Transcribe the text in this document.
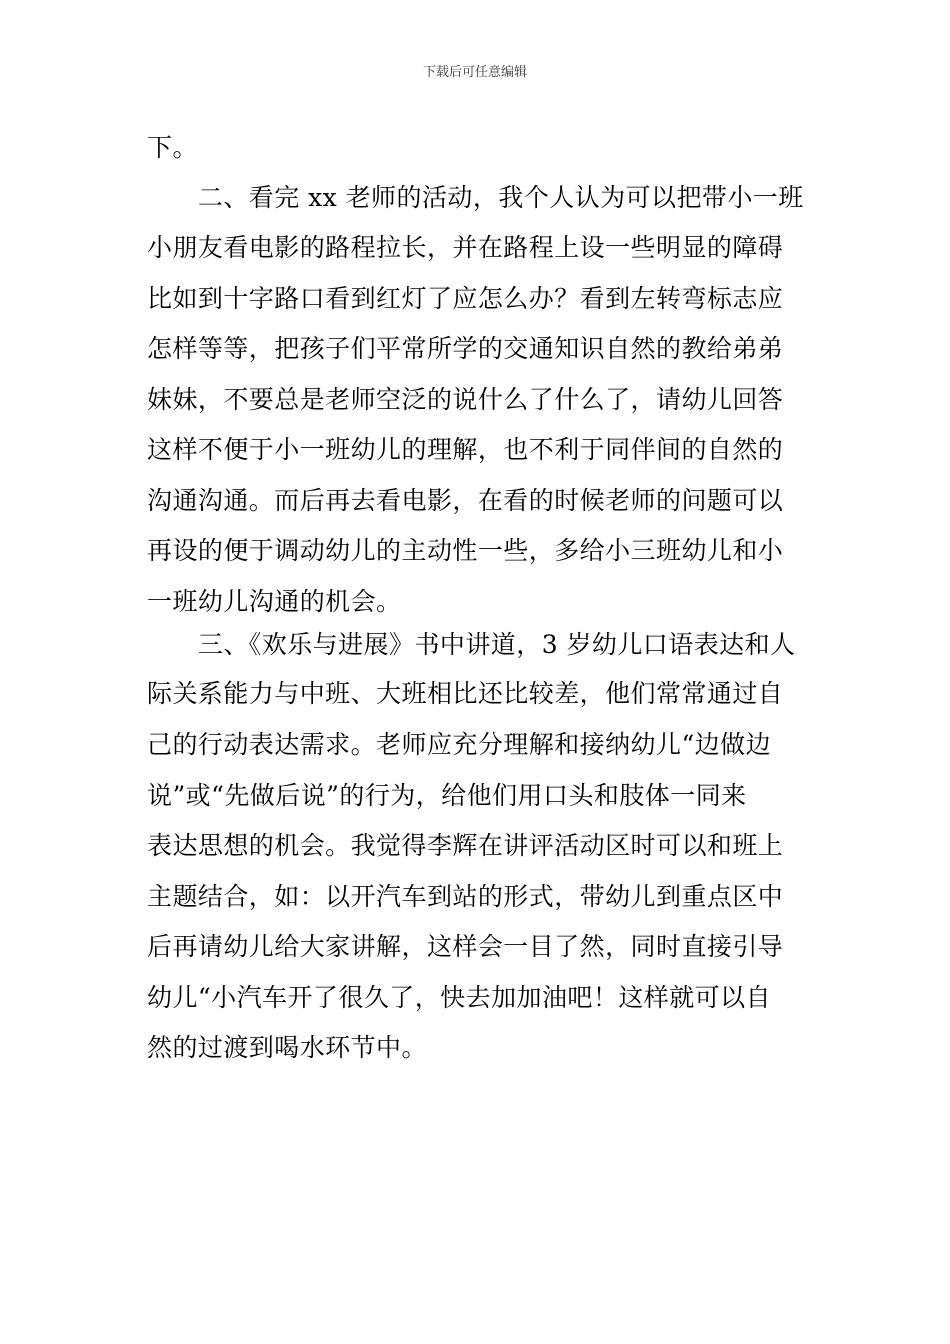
下载后可任意编辑
下。
　　二、看完 xx 老师的活动，我个人认为可以把带小一班
小朋友看电影的路程拉长，并在路程上设一些明显的障碍
比如到十字路口看到红灯了应怎么办？看到左转弯标志应
怎样等等，把孩子们平常所学的交通知识自然的教给弟弟
妹妹，不要总是老师空泛的说什么了什么了，请幼儿回答
这样不便于小一班幼儿的理解，也不利于同伴间的自然的
沟通沟通。而后再去看电影，在看的时候老师的问题可以
再设的便于调动幼儿的主动性一些，多给小三班幼儿和小
一班幼儿沟通的机会。
　　三、《欢乐与进展》书中讲道，3 岁幼儿口语表达和人
际关系能力与中班、大班相比还比较差，他们常常通过自
己的行动表达需求。老师应充分理解和接纳幼儿“边做边
说”或“先做后说”的行为，给他们用口头和肢体一同来
表达思想的机会。我觉得李辉在讲评活动区时可以和班上
主题结合，如：以开汽车到站的形式，带幼儿到重点区中
后再请幼儿给大家讲解，这样会一目了然，同时直接引导
幼儿“小汽车开了很久了，快去加加油吧！这样就可以自
然的过渡到喝水环节中。
